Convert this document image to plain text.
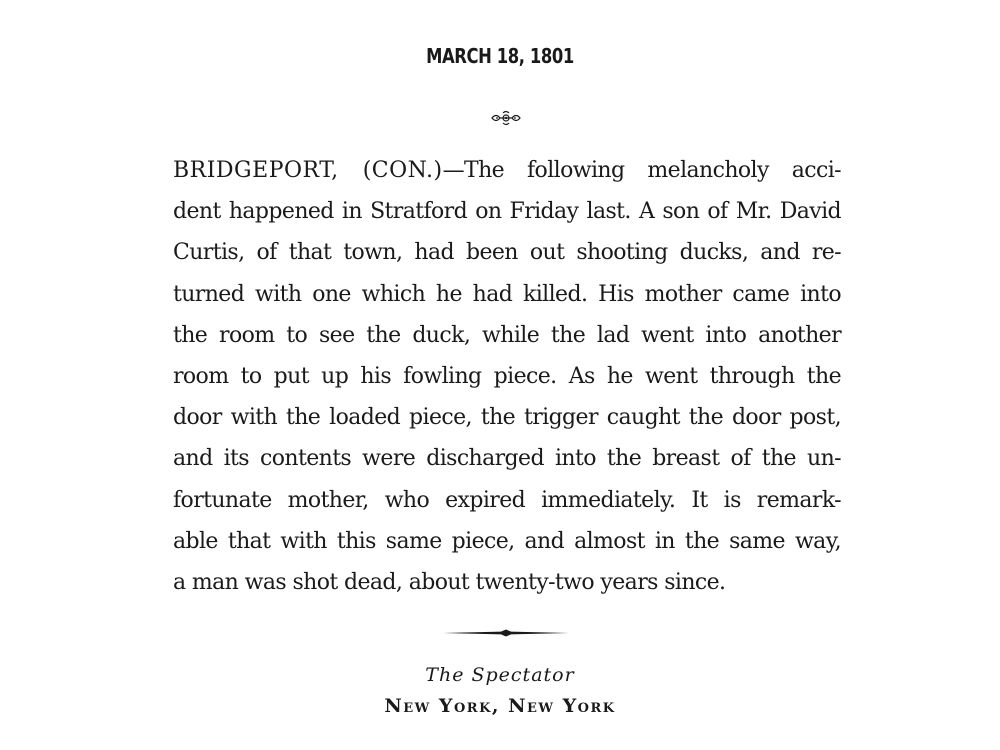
MARCH 18, 1801
BRIDGEPORT, (CON.)—The following melancholy acci-
dent happened in Stratford on Friday last. A son of Mr. David
Curtis, of that town, had been out shooting ducks, and re-
turned with one which he had killed. His mother came into
the room to see the duck, while the lad went into another
room to put up his fowling piece. As he went through the
door with the loaded piece, the trigger caught the door post,
and its contents were discharged into the breast of the un-
fortunate mother, who expired immediately. It is remark-
able that with this same piece, and almost in the same way,
a man was shot dead, about twenty-two years since.
The Spectator
New York, New York
